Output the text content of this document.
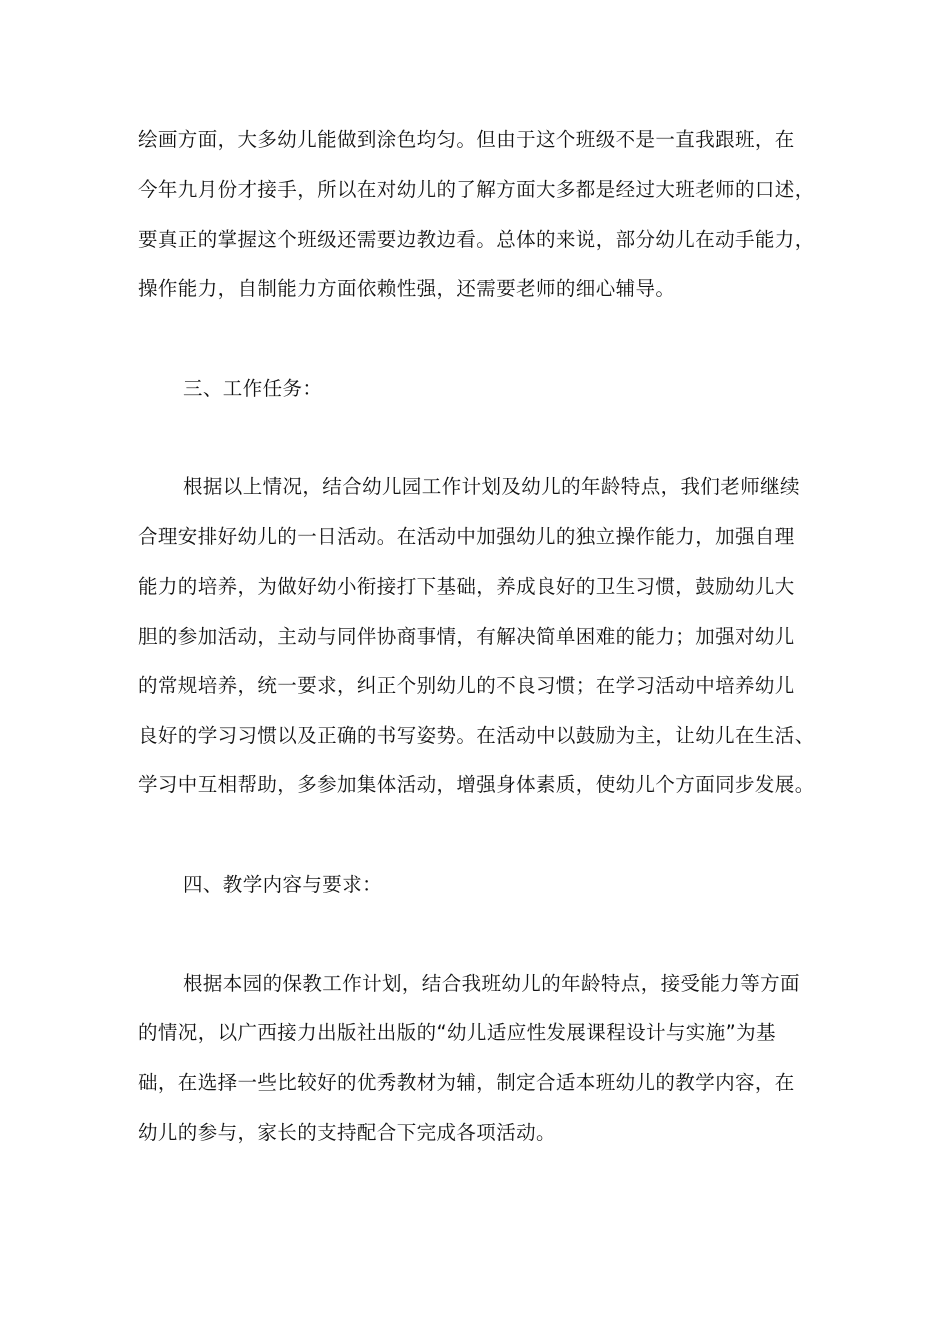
绘画方面，大多幼儿能做到涂色均匀。但由于这个班级不是一直我跟班，在
今年九月份才接手，所以在对幼儿的了解方面大多都是经过大班老师的口述，
要真正的掌握这个班级还需要边教边看。总体的来说，部分幼儿在动手能力，
操作能力，自制能力方面依赖性强，还需要老师的细心辅导。
三、工作任务：
根据以上情况，结合幼儿园工作计划及幼儿的年龄特点，我们老师继续
合理安排好幼儿的一日活动。在活动中加强幼儿的独立操作能力，加强自理
能力的培养，为做好幼小衔接打下基础，养成良好的卫生习惯，鼓励幼儿大
胆的参加活动，主动与同伴协商事情，有解决简单困难的能力；加强对幼儿
的常规培养，统一要求，纠正个别幼儿的不良习惯；在学习活动中培养幼儿
良好的学习习惯以及正确的书写姿势。在活动中以鼓励为主，让幼儿在生活、
学习中互相帮助，多参加集体活动，增强身体素质，使幼儿个方面同步发展。
四、教学内容与要求：
根据本园的保教工作计划，结合我班幼儿的年龄特点，接受能力等方面
的情况，以广西接力出版社出版的“幼儿适应性发展课程设计与实施”为基
础，在选择一些比较好的优秀教材为辅，制定合适本班幼儿的教学内容，在
幼儿的参与，家长的支持配合下完成各项活动。
